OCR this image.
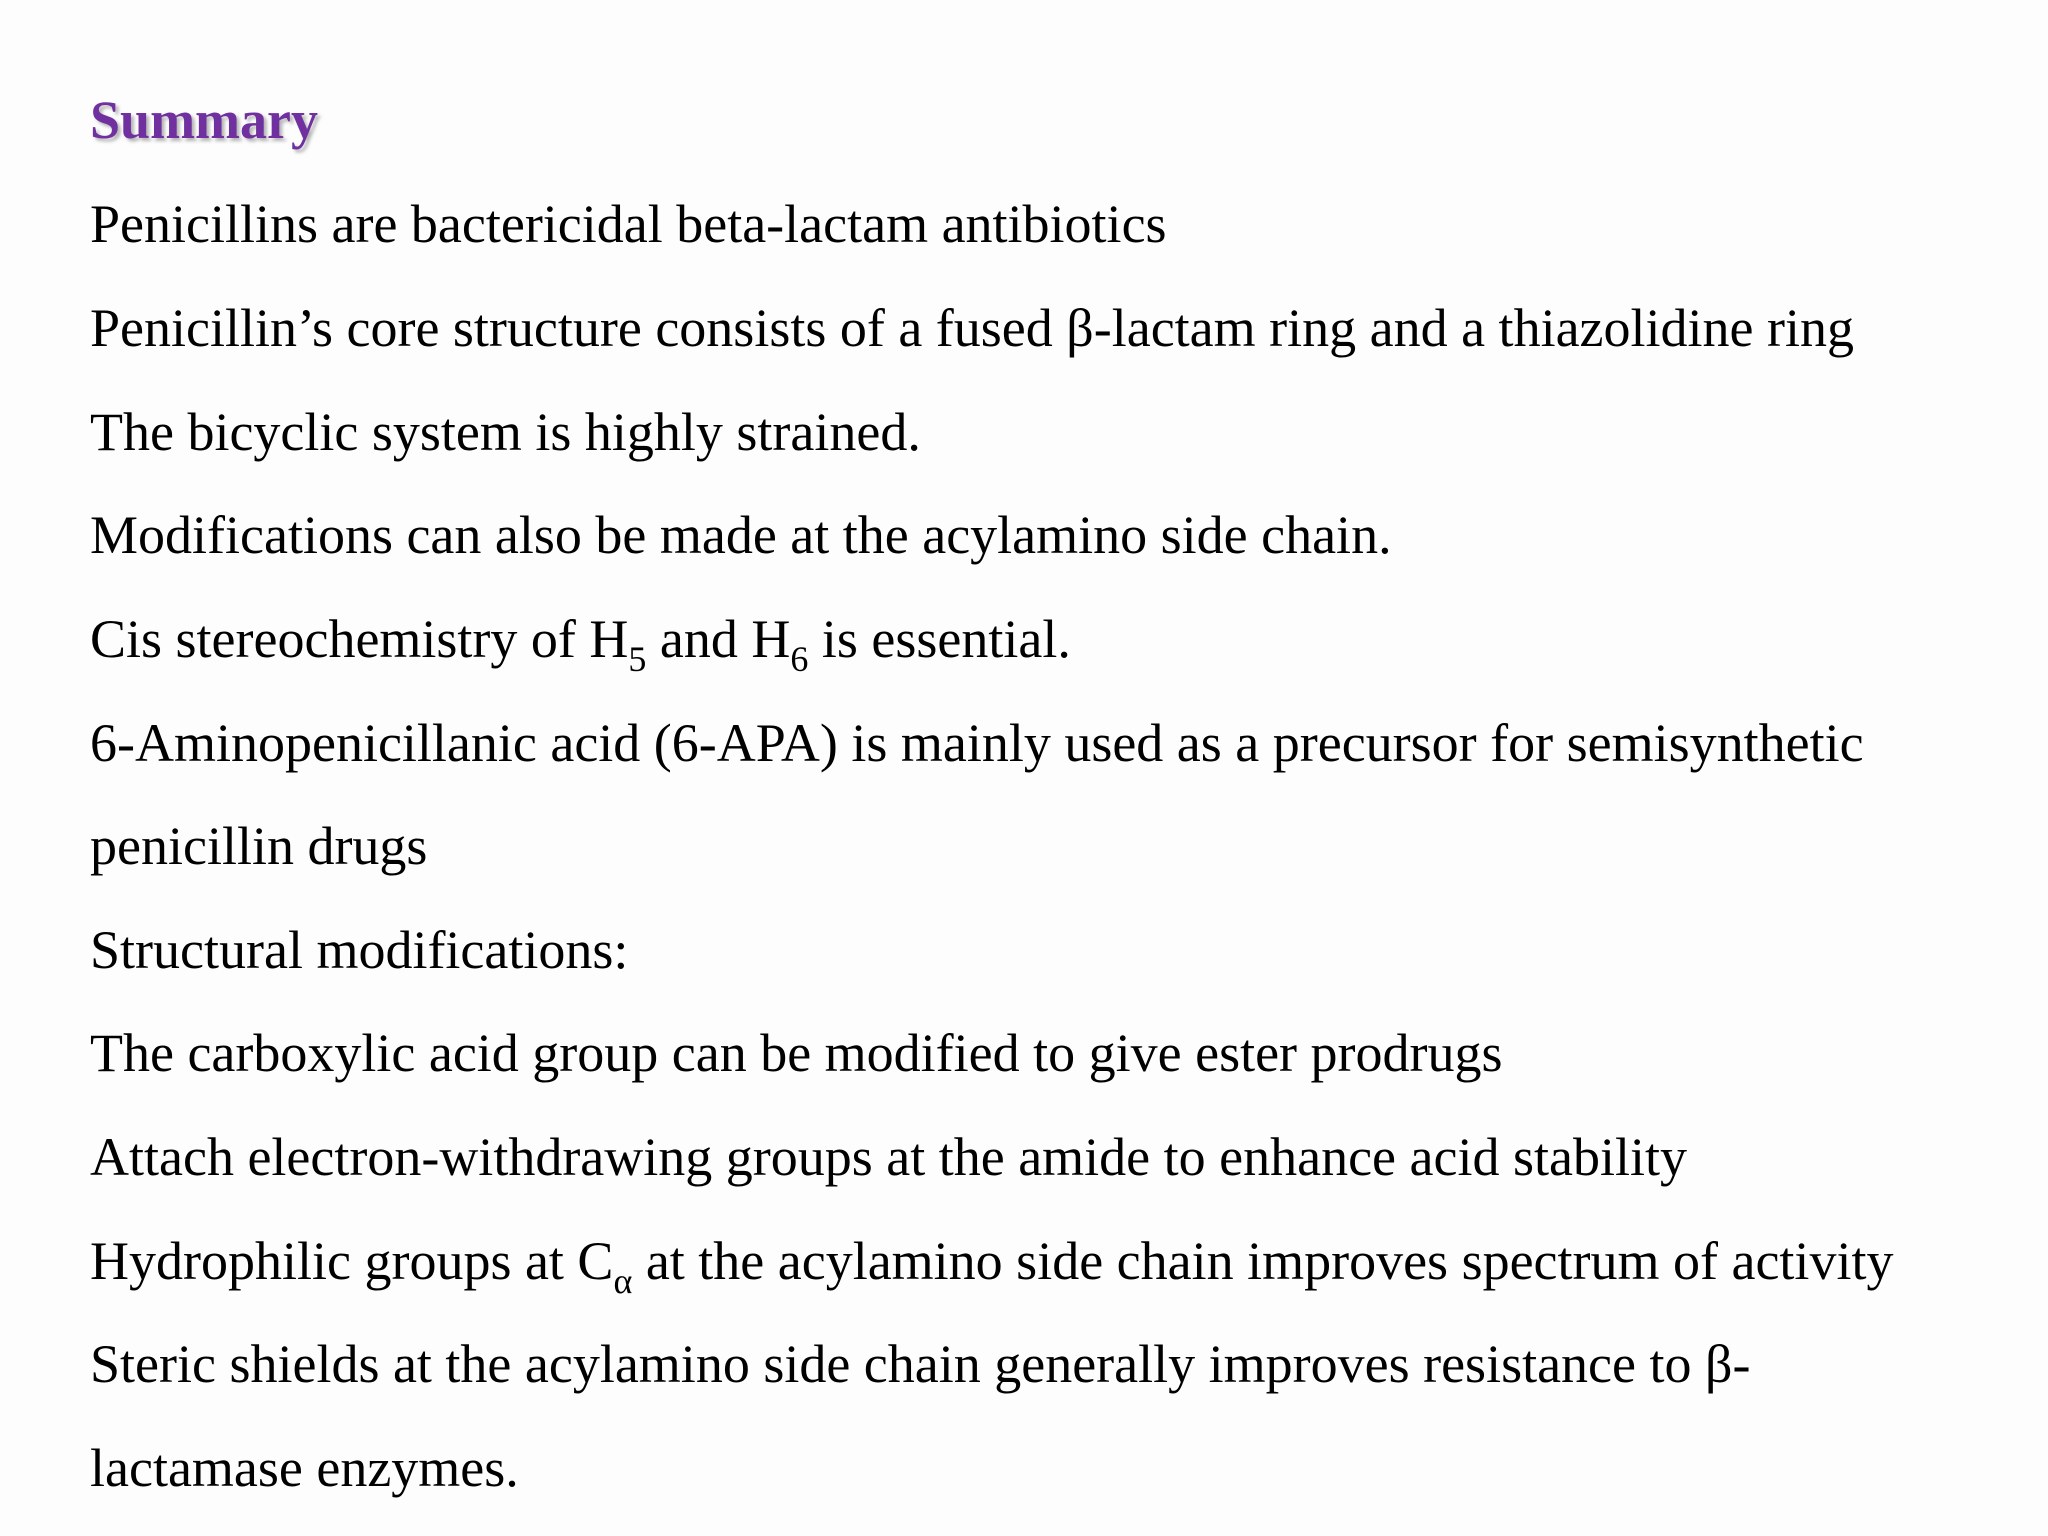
Summary
Penicillins are bactericidal beta-lactam antibiotics
Penicillin’s core structure consists of a fused β-lactam ring and a thiazolidine ring
The bicyclic system is highly strained.
Modifications can also be made at the acylamino side chain.
Cis stereochemistry of $H_5$ and $H_6$ is essential.
6-Aminopenicillanic acid (6-APA) is mainly used as a precursor for semisynthetic
penicillin drugs
Structural modifications:
The carboxylic acid group can be modified to give ester prodrugs
Attach electron-withdrawing groups at the amide to enhance acid stability
Hydrophilic groups at $C_\alpha$ at the acylamino side chain improves spectrum of activity
Steric shields at the acylamino side chain generally improves resistance to β-
lactamase enzymes.
